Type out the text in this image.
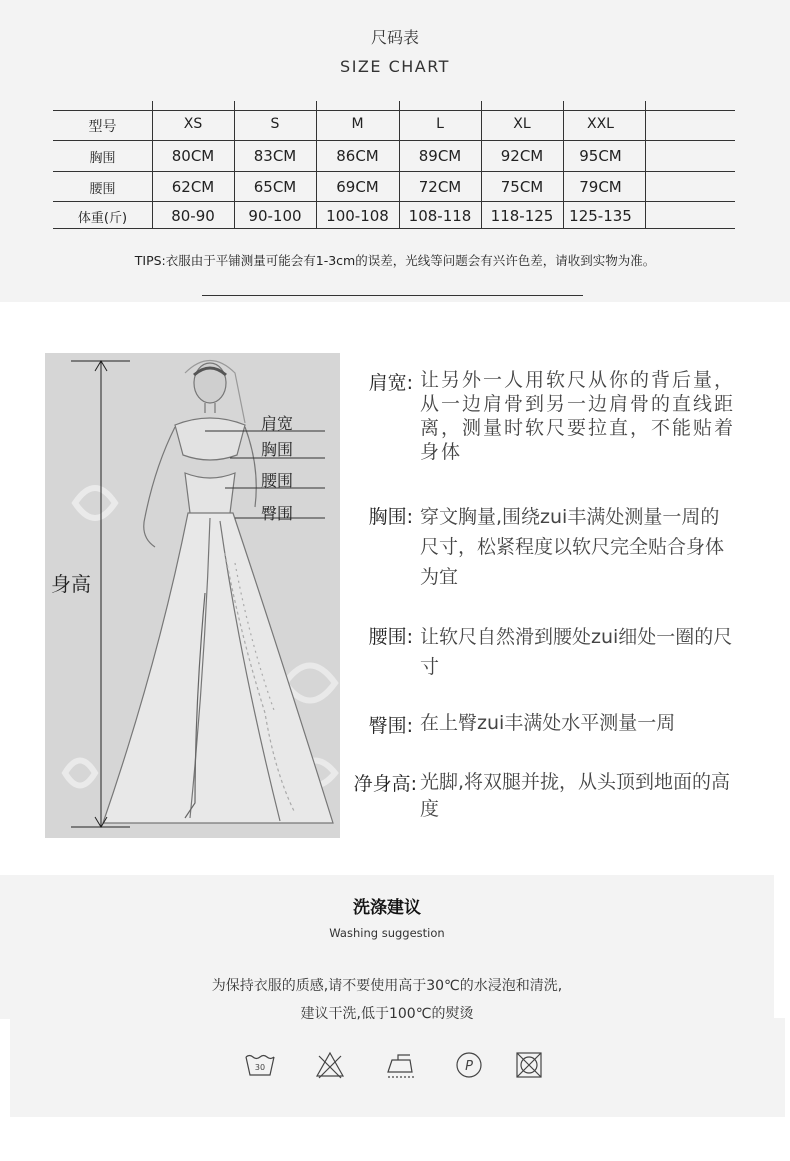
尺码表
SIZE CHART
型号	XS	S	M	L	XL	XXL
胸围	80CM	83CM	86CM	89CM	92CM	95CM
腰围	62CM	65CM	69CM	72CM	75CM	79CM
体重(斤)	80-90	90-100	100-108	108-118	118-125	125-135
TIPS:衣服由于平铺测量可能会有1-3cm的误差，光线等问题会有兴许色差，请收到实物为准。
肩宽
胸围
腰围
臀围
身高
肩宽: 让另外一人用软尺从你的背后量，从一边肩骨到另一边肩骨的直线距离，测量时软尺要拉直，不能贴着身体
胸围: 穿文胸量,围绕zui丰满处测量一周的尺寸，松紧程度以软尺完全贴合身体为宜
腰围: 让软尺自然滑到腰处zui细处一圈的尺寸
臀围: 在上臀zui丰满处水平测量一周
净身高: 光脚,将双腿并拢，从头顶到地面的高度
洗涤建议
Washing suggestion
为保持衣服的质感,请不要使用高于30℃的水浸泡和清洗,
建议干洗,低于100℃的熨烫
30	P
